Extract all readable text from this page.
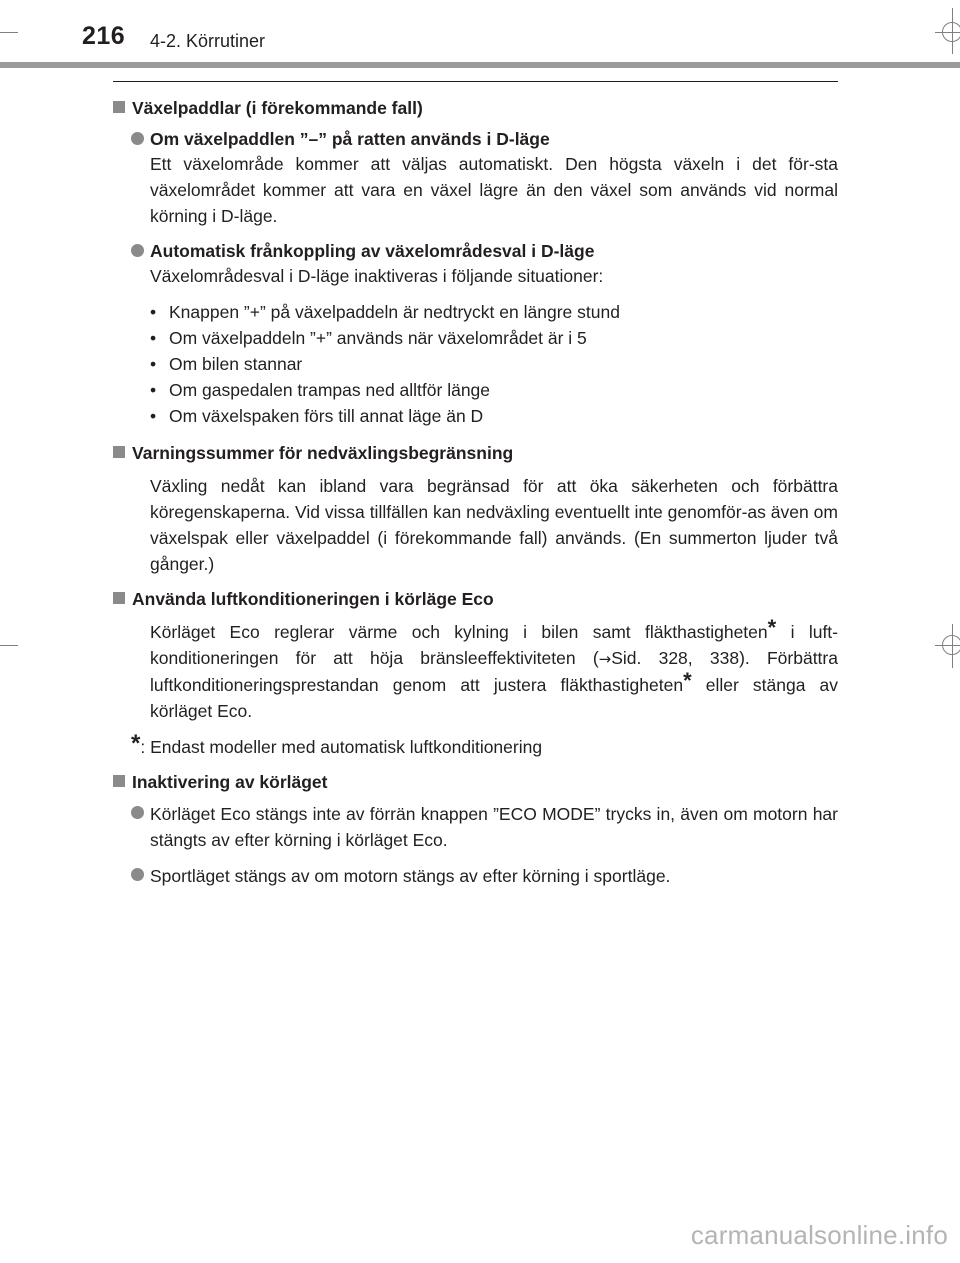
216 4-2. Körrutiner
Växelpaddlar (i förekommande fall)
Om växelpaddlen ”–” på ratten används i D-läge
Ett växelområde kommer att väljas automatiskt. Den högsta växeln i det för-sta växelområdet kommer att vara en växel lägre än den växel som används vid normal körning i D-läge.
Automatisk frånkoppling av växelområdesval i D-läge
Växelområdesval i D-läge inaktiveras i följande situationer:
• Knappen ”+” på växelpaddeln är nedtryckt en längre stund
• Om växelpaddeln ”+” används när växelområdet är i 5
• Om bilen stannar
• Om gaspedalen trampas ned alltför länge
• Om växelspaken förs till annat läge än D
Varningssummer för nedväxlingsbegränsning
Växling nedåt kan ibland vara begränsad för att öka säkerheten och förbättra köregenskaperna. Vid vissa tillfällen kan nedväxling eventuellt inte genomför-as även om växelspak eller växelpaddel (i förekommande fall) används. (En summerton ljuder två gånger.)
Använda luftkonditioneringen i körläge Eco
Körläget Eco reglerar värme och kylning i bilen samt fläkthastigheten* i luft-konditioneringen för att höja bränsleeffektiviteten (→Sid. 328, 338). Förbättra luftkonditioneringsprestandan genom att justera fläkthastigheten* eller stänga av körläget Eco.
*: Endast modeller med automatisk luftkonditionering
Inaktivering av körläget
Körläget Eco stängs inte av förrän knappen ”ECO MODE” trycks in, även om motorn har stängts av efter körning i körläget Eco.
Sportläget stängs av om motorn stängs av efter körning i sportläge.
carmanualsonline.info
